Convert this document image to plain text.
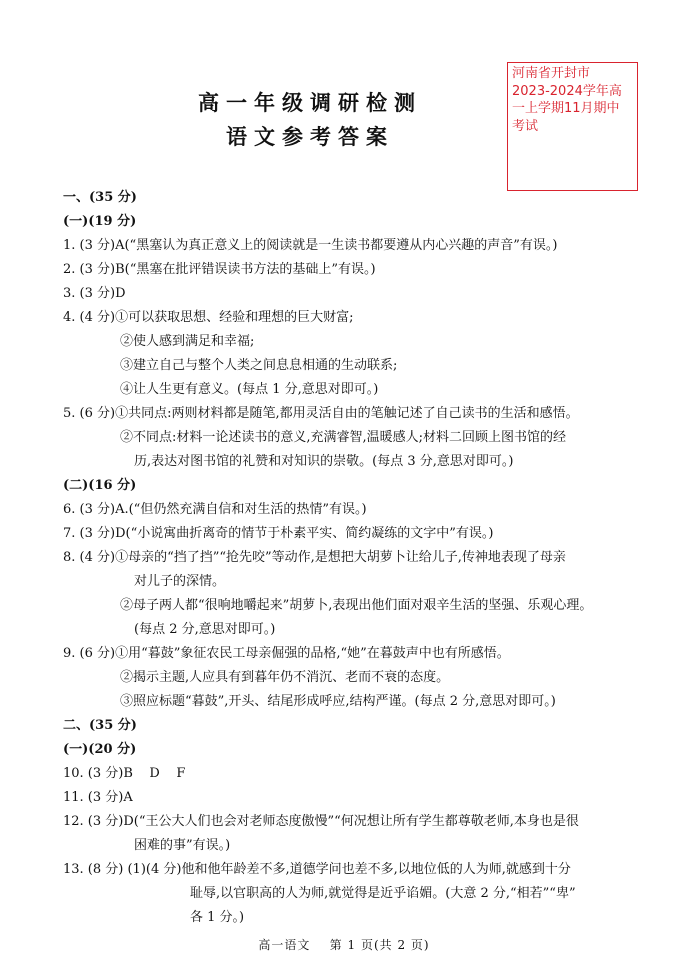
河南省开封市
2023-2024学年高
一上学期11月期中
考试
高一年级调研检测
语文参考答案
一、(35 分)
(一)(19 分)
1. (3 分)A(“黑塞认为真正意义上的阅读就是一生读书都要遵从内心兴趣的声音”有误。)
2. (3 分)B(“黑塞在批评错误读书方法的基础上”有误。)
3. (3 分)D
4. (4 分)①可以获取思想、经验和理想的巨大财富;
②使人感到满足和幸福;
③建立自己与整个人类之间息息相通的生动联系;
④让人生更有意义。(每点 1 分,意思对即可。)
5. (6 分)①共同点:两则材料都是随笔,都用灵活自由的笔触记述了自己读书的生活和感悟。
②不同点:材料一论述读书的意义,充满睿智,温暖感人;材料二回顾上图书馆的经
历,表达对图书馆的礼赞和对知识的崇敬。(每点 3 分,意思对即可。)
(二)(16 分)
6. (3 分)A.(“但仍然充满自信和对生活的热情”有误。)
7. (3 分)D(“小说寓曲折离奇的情节于朴素平实、简约凝练的文字中”有误。)
8. (4 分)①母亲的“挡了挡”“抢先咬”等动作,是想把大胡萝卜让给儿子,传神地表现了母亲
对儿子的深情。
②母子两人都“很响地嚼起来”胡萝卜,表现出他们面对艰辛生活的坚强、乐观心理。
(每点 2 分,意思对即可。)
9. (6 分)①用“暮鼓”象征农民工母亲倔强的品格,“她”在暮鼓声中也有所感悟。
②揭示主题,人应具有到暮年仍不消沉、老而不衰的态度。
③照应标题“暮鼓”,开头、结尾形成呼应,结构严谨。(每点 2 分,意思对即可。)
二、(35 分)
(一)(20 分)
10. (3 分)B    D    F
11. (3 分)A
12. (3 分)D(“王公大人们也会对老师态度傲慢”“何况想让所有学生都尊敬老师,本身也是很
困难的事”有误。)
13. (8 分) (1)(4 分)他和他年龄差不多,道德学问也差不多,以地位低的人为师,就感到十分
耻辱,以官职高的人为师,就觉得是近乎谄媚。(大意 2 分,“相若”“卑”
各 1 分。)
高一语文    第 1 页(共 2 页)
